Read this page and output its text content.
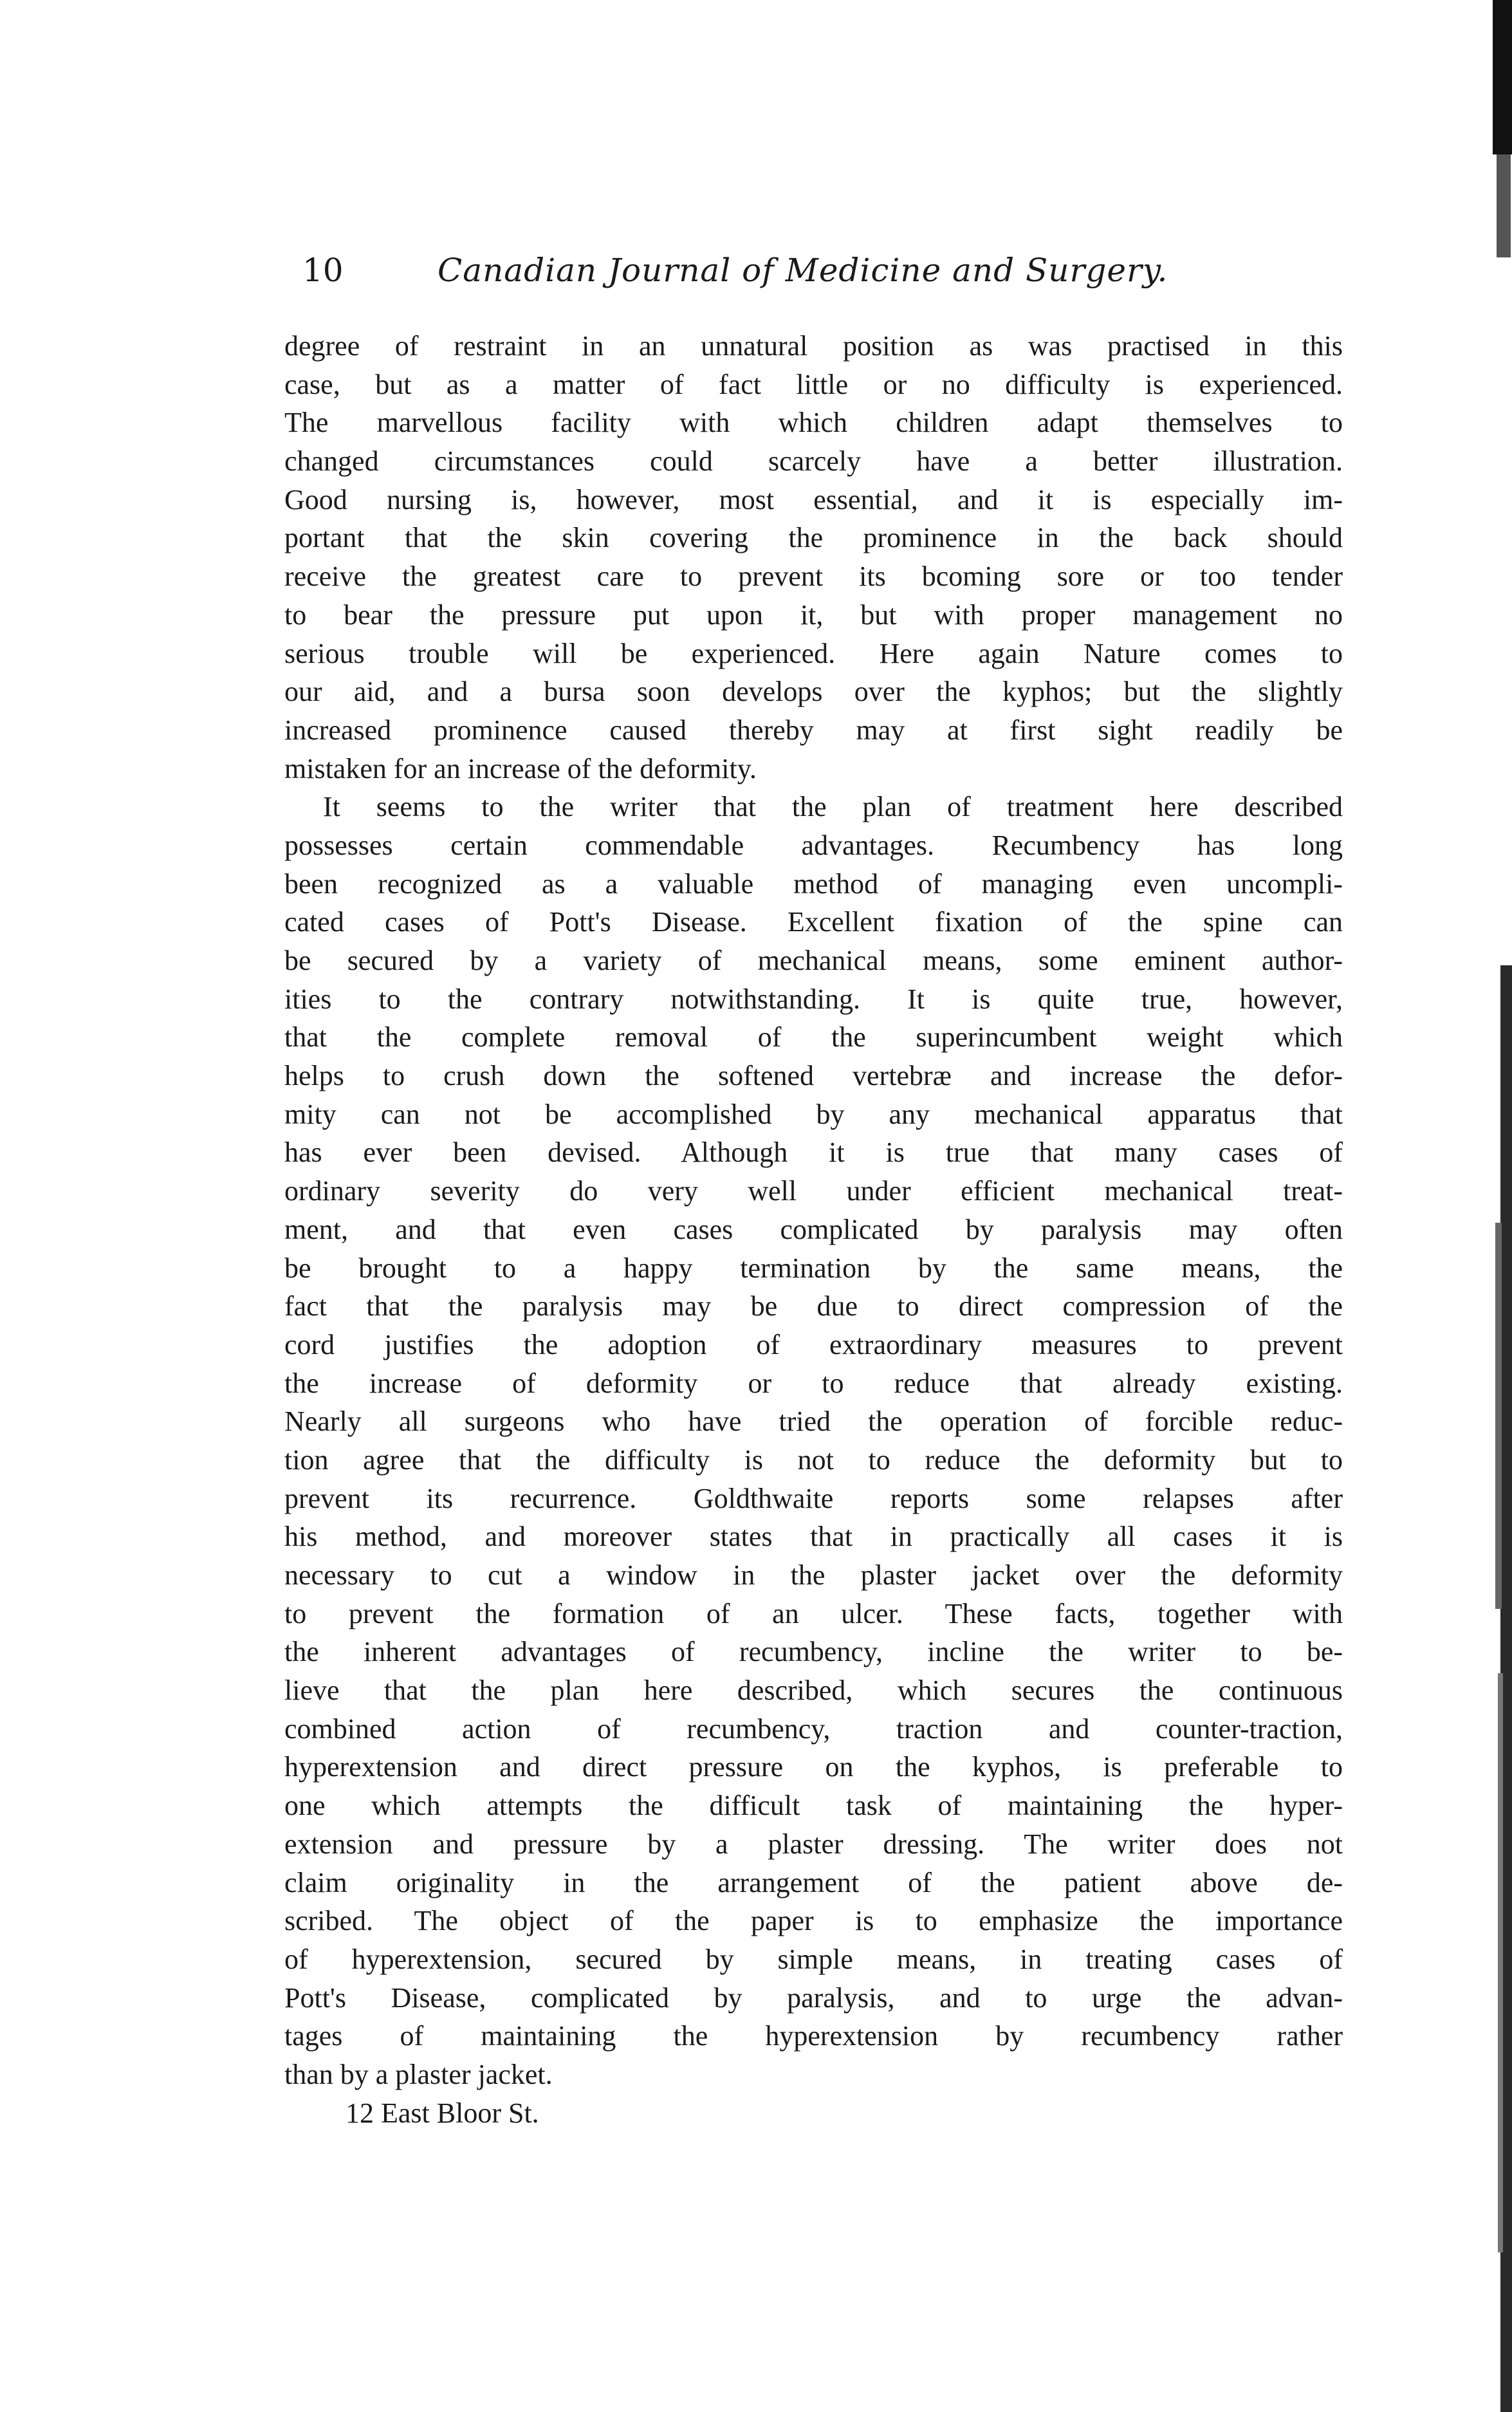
10	Canadian Journal of Medicine and Surgery.
degree of restraint in an unnatural position as was practised in this
case, but as a matter of fact little or no difficulty is experienced.
The marvellous facility with which children adapt themselves to
changed circumstances could scarcely have a better illustration.
Good nursing is, however, most essential, and it is especially im-
portant that the skin covering the prominence in the back should
receive the greatest care to prevent its bcoming sore or too tender
to bear the pressure put upon it, but with proper management no
serious trouble will be experienced. Here again Nature comes to
our aid, and a bursa soon develops over the kyphos; but the slightly
increased prominence caused thereby may at first sight readily be
mistaken for an increase of the deformity.
It seems to the writer that the plan of treatment here described
possesses certain commendable advantages. Recumbency has long
been recognized as a valuable method of managing even uncompli-
cated cases of Pott's Disease. Excellent fixation of the spine can
be secured by a variety of mechanical means, some eminent author-
ities to the contrary notwithstanding. It is quite true, however,
that the complete removal of the superincumbent weight which
helps to crush down the softened vertebræ and increase the defor-
mity can not be accomplished by any mechanical apparatus that
has ever been devised. Although it is true that many cases of
ordinary severity do very well under efficient mechanical treat-
ment, and that even cases complicated by paralysis may often
be brought to a happy termination by the same means, the
fact that the paralysis may be due to direct compression of the
cord justifies the adoption of extraordinary measures to prevent
the increase of deformity or to reduce that already existing.
Nearly all surgeons who have tried the operation of forcible reduc-
tion agree that the difficulty is not to reduce the deformity but to
prevent its recurrence. Goldthwaite reports some relapses after
his method, and moreover states that in practically all cases it is
necessary to cut a window in the plaster jacket over the deformity
to prevent the formation of an ulcer. These facts, together with
the inherent advantages of recumbency, incline the writer to be-
lieve that the plan here described, which secures the continuous
combined action of recumbency, traction and counter-traction,
hyperextension and direct pressure on the kyphos, is preferable to
one which attempts the difficult task of maintaining the hyper-
extension and pressure by a plaster dressing. The writer does not
claim originality in the arrangement of the patient above de-
scribed. The object of the paper is to emphasize the importance
of hyperextension, secured by simple means, in treating cases of
Pott's Disease, complicated by paralysis, and to urge the advan-
tages of maintaining the hyperextension by recumbency rather
than by a plaster jacket.
12 East Bloor St.
